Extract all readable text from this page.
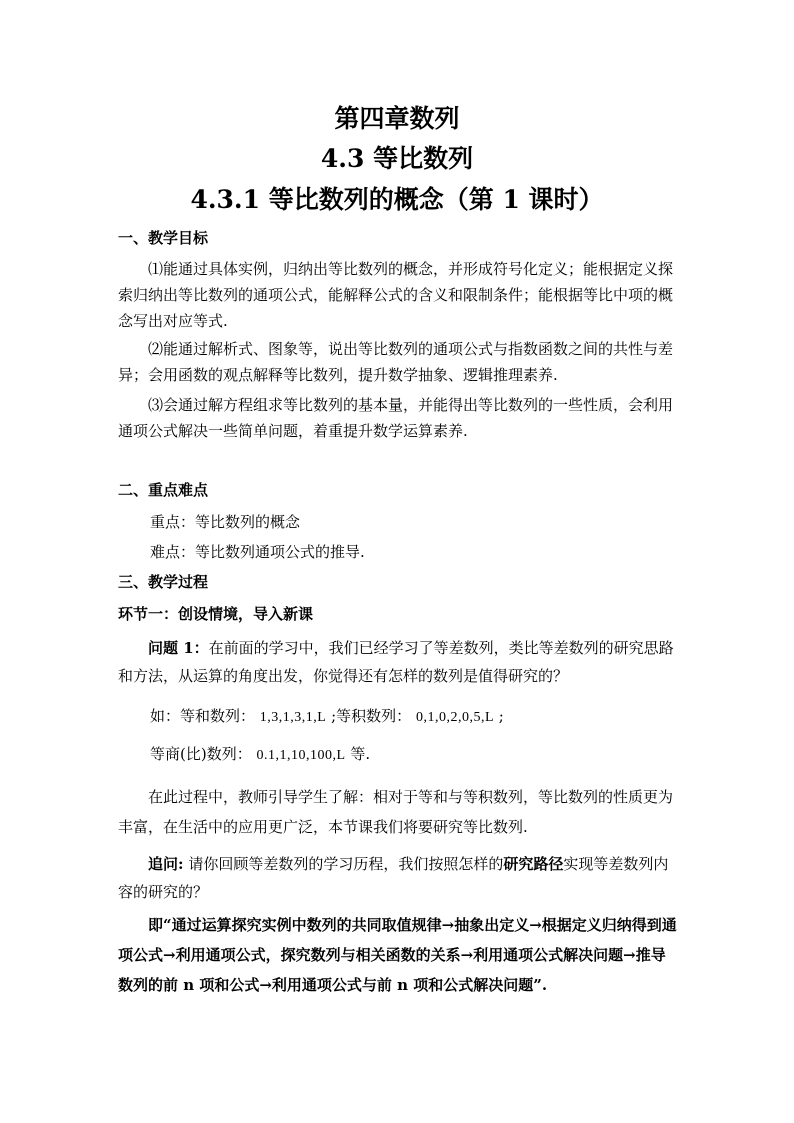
第四章数列
4.3 等比数列
4.3.1 等比数列的概念（第 1 课时）
一、教学目标
⑴能通过具体实例，归纳出等比数列的概念，并形成符号化定义；能根据定义探索归纳出等比数列的通项公式，能解释公式的含义和限制条件；能根据等比中项的概念写出对应等式.
⑵能通过解析式、图象等，说出等比数列的通项公式与指数函数之间的共性与差异；会用函数的观点解释等比数列，提升数学抽象、逻辑推理素养.
⑶会通过解方程组求等比数列的基本量，并能得出等比数列的一些性质，会利用通项公式解决一些简单问题，着重提升数学运算素养.
二、重点难点
重点：等比数列的概念
难点：等比数列通项公式的推导.
三、教学过程
环节一：创设情境，导入新课
问题 1：在前面的学习中，我们已经学习了等差数列，类比等差数列的研究思路和方法，从运算的角度出发，你觉得还有怎样的数列是值得研究的？
如：等和数列： 1,3,1,3,1,L ;等积数列： 0,1,0,2,0,5,L ;
等商(比)数列： 0.1,1,10,100,L 等.
在此过程中，教师引导学生了解：相对于等和与等积数列，等比数列的性质更为丰富，在生活中的应用更广泛，本节课我们将要研究等比数列.
追问: 请你回顾等差数列的学习历程，我们按照怎样的研究路径实现等差数列内容的研究的？
即“通过运算探究实例中数列的共同取值规律→抽象出定义→根据定义归纳得到通项公式→利用通项公式，探究数列与相关函数的关系→利用通项公式解决问题→推导数列的前 n 项和公式→利用通项公式与前 n 项和公式解决问题”.
